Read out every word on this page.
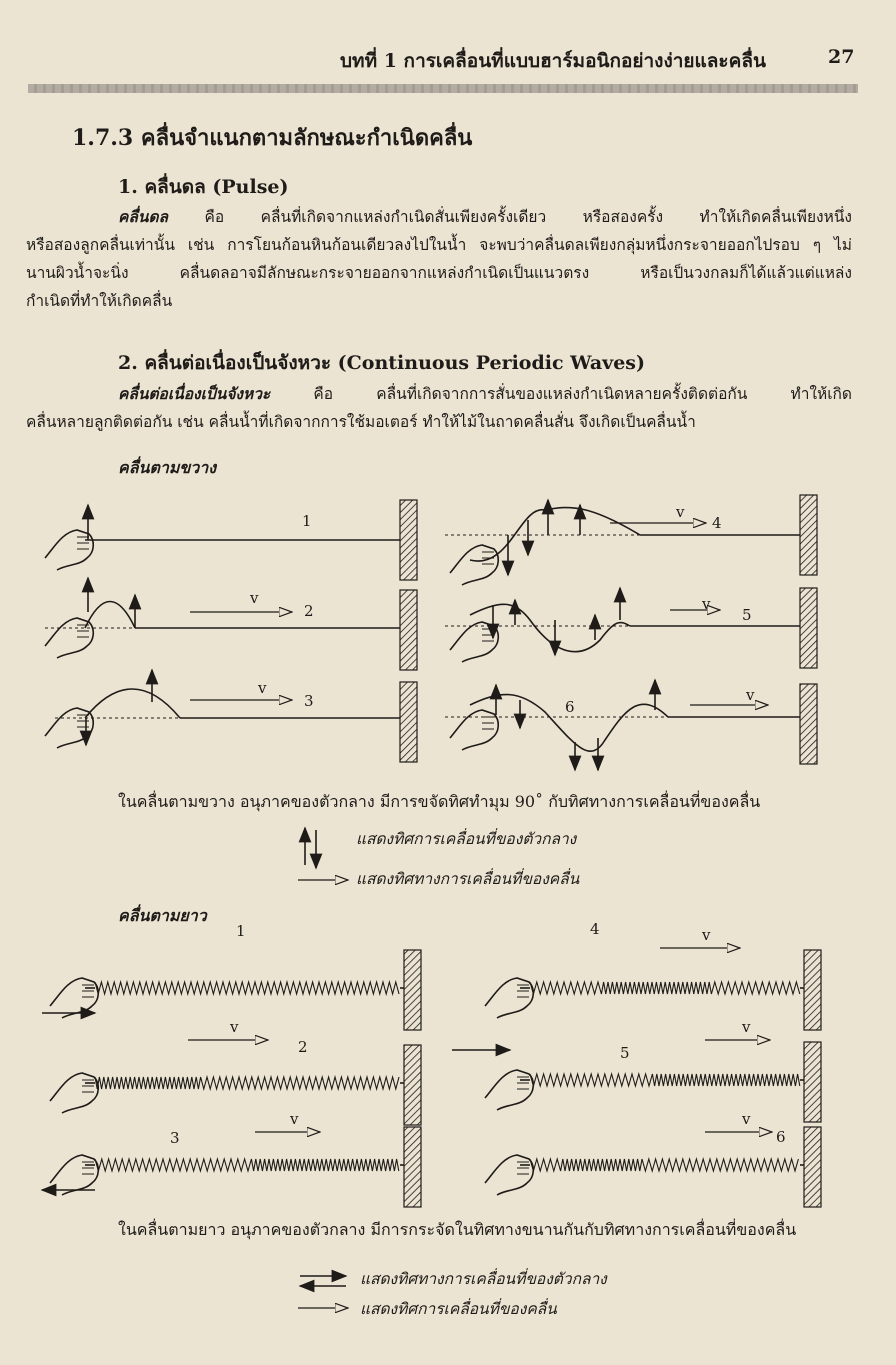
บทที่ 1 การเคลื่อนที่แบบฮาร์มอนิกอย่างง่ายและคลื่น	27
1.7.3 คลื่นจำแนกตามลักษณะกำเนิดคลื่น
1. คลื่นดล (Pulse)
คลื่นดล คือ คลื่นที่เกิดจากแหล่งกำเนิดสั่นเพียงครั้งเดียว หรือสองครั้ง ทำให้เกิดคลื่นเพียงหนึ่ง
หรือสองลูกคลื่นเท่านั้น เช่น การโยนก้อนหินก้อนเดียวลงไปในน้ำ จะพบว่าคลื่นดลเพียงกลุ่มหนึ่งกระจายออกไปรอบ ๆ ไม่
นานผิวน้ำจะนิ่ง คลื่นดลอาจมีลักษณะกระจายออกจากแหล่งกำเนิดเป็นแนวตรง หรือเป็นวงกลมก็ได้แล้วแต่แหล่ง
กำเนิดที่ทำให้เกิดคลื่น
2. คลื่นต่อเนื่องเป็นจังหวะ (Continuous Periodic Waves)
คลื่นต่อเนื่องเป็นจังหวะ คือ คลื่นที่เกิดจากการสั่นของแหล่งกำเนิดหลายครั้งติดต่อกัน ทำให้เกิด
คลื่นหลายลูกติดต่อกัน เช่น คลื่นน้ำที่เกิดจากการใช้มอเตอร์ ทำให้ไม้ในถาดคลื่นสั่น จึงเกิดเป็นคลื่นน้ำ
คลื่นตามขวาง
1
2
3
4
5
6
v
v
v
v
v
1
2
3
4
5
6
v
v
v
v
v
ในคลื่นตามขวาง อนุภาคของตัวกลาง มีการขจัดทิศทำมุม 90˚ กับทิศทางการเคลื่อนที่ของคลื่น
แสดงทิศการเคลื่อนที่ของตัวกลาง
แสดงทิศทางการเคลื่อนที่ของคลื่น
คลื่นตามยาว
ในคลื่นตามยาว อนุภาคของตัวกลาง มีการกระจัดในทิศทางขนานกันกับทิศทางการเคลื่อนที่ของคลื่น
แสดงทิศทางการเคลื่อนที่ของตัวกลาง
แสดงทิศการเคลื่อนที่ของคลื่น
